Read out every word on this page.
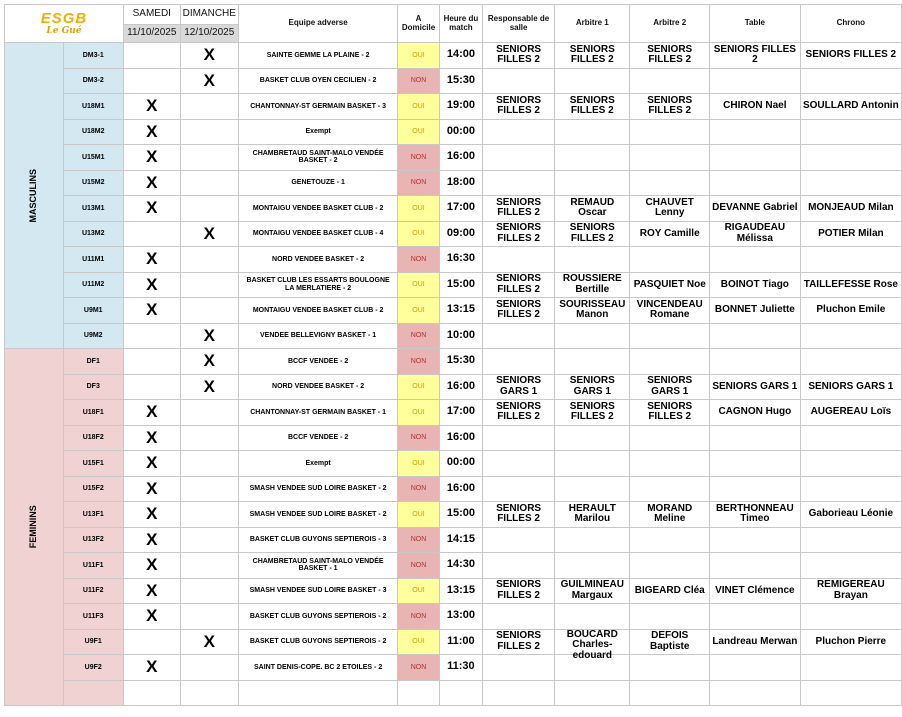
ESGB
Le Gué		SAMEDI	DIMANCHE	Equipe adverse	A Domicile	Heure du match	Responsable de salle	Arbitre 1	Arbitre 2	Table	Chrono
		11/10/2025	12/10/2025								
MASCULINS	DM3-1		X	SAINTE GEMME LA PLAINE - 2	OUI	14:00	SENIORS FILLES 2	SENIORS FILLES 2	SENIORS FILLES 2	SENIORS FILLES 2	SENIORS FILLES 2

	DM3-2		X	BASKET CLUB OYEN CECILIEN - 2	NON	15:30					

	U18M1	X		CHANTONNAY-ST GERMAIN BASKET - 3	OUI	19:00	SENIORS FILLES 2	SENIORS FILLES 2	SENIORS FILLES 2	CHIRON Nael	SOULLARD Antonin

	U18M2	X		Exempt	OUI	00:00					

	U15M1	X		CHAMBRETAUD SAINT-MALO VENDÉE BASKET - 2	NON	16:00					

	U15M2	X		GENETOUZE - 1	NON	18:00					

	U13M1	X		MONTAIGU VENDEE BASKET CLUB - 2	OUI	17:00	SENIORS FILLES 2	REMAUD Oscar	CHAUVET Lenny	DEVANNE Gabriel	MONJEAUD Milan

	U13M2		X	MONTAIGU VENDEE BASKET CLUB - 4	OUI	09:00	SENIORS FILLES 2	SENIORS FILLES 2	ROY Camille	RIGAUDEAU Mélissa	POTIER Milan

	U11M1	X		NORD VENDEE BASKET - 2	NON	16:30					

	U11M2	X		BASKET CLUB LES ESSARTS BOULOGNE LA MERLATIERE - 2	OUI	15:00	SENIORS FILLES 2	ROUSSIERE Bertille	PASQUIET Noe	BOINOT Tiago	TAILLEFESSE Rose

	U9M1	X		MONTAIGU VENDEE BASKET CLUB - 2	OUI	13:15	SENIORS FILLES 2	SOURISSEAU Manon	VINCENDEAU Romane	BONNET Juliette	Pluchon Emile

	U9M2		X	VENDEE BELLEVIGNY BASKET - 1	NON	10:00					

FEMININS	DF1		X	BCCF VENDEE - 2	NON	15:30					

	DF3		X	NORD VENDEE BASKET - 2	OUI	16:00	SENIORS GARS 1	SENIORS GARS 1	SENIORS GARS 1	SENIORS GARS 1	SENIORS GARS 1

	U18F1	X		CHANTONNAY-ST GERMAIN BASKET - 1	OUI	17:00	SENIORS FILLES 2	SENIORS FILLES 2	SENIORS FILLES 2	CAGNON Hugo	AUGEREAU Loïs

	U18F2	X		BCCF VENDEE - 2	NON	16:00					

	U15F1	X		Exempt	OUI	00:00					

	U15F2	X		SMASH VENDEE SUD LOIRE BASKET - 2	NON	16:00					

	U13F1	X		SMASH VENDEE SUD LOIRE BASKET - 2	OUI	15:00	SENIORS FILLES 2	HERAULT Marilou	MORAND Meline	BERTHONNEAU Timeo	Gaborieau Léonie

	U13F2	X		BASKET CLUB GUYONS SEPTIEROIS - 3	NON	14:15					

	U11F1	X		CHAMBRETAUD SAINT-MALO VENDÉE BASKET - 1	NON	14:30					

	U11F2	X		SMASH VENDEE SUD LOIRE BASKET - 3	OUI	13:15	SENIORS FILLES 2	GUILMINEAU Margaux	BIGEARD Cléa	VINET Clémence	REMIGEREAU Brayan

	U11F3	X		BASKET CLUB GUYONS SEPTIEROIS - 2	NON	13:00					

	U9F1		X	BASKET CLUB GUYONS SEPTIEROIS - 2	OUI	11:00	SENIORS FILLES 2	BOUCARD Charles-edouard	DEFOIS Baptiste	Landreau Merwan	Pluchon Pierre

	U9F2	X		SAINT DENIS-COPE. BC 2 ETOILES - 2	NON	11:30					
